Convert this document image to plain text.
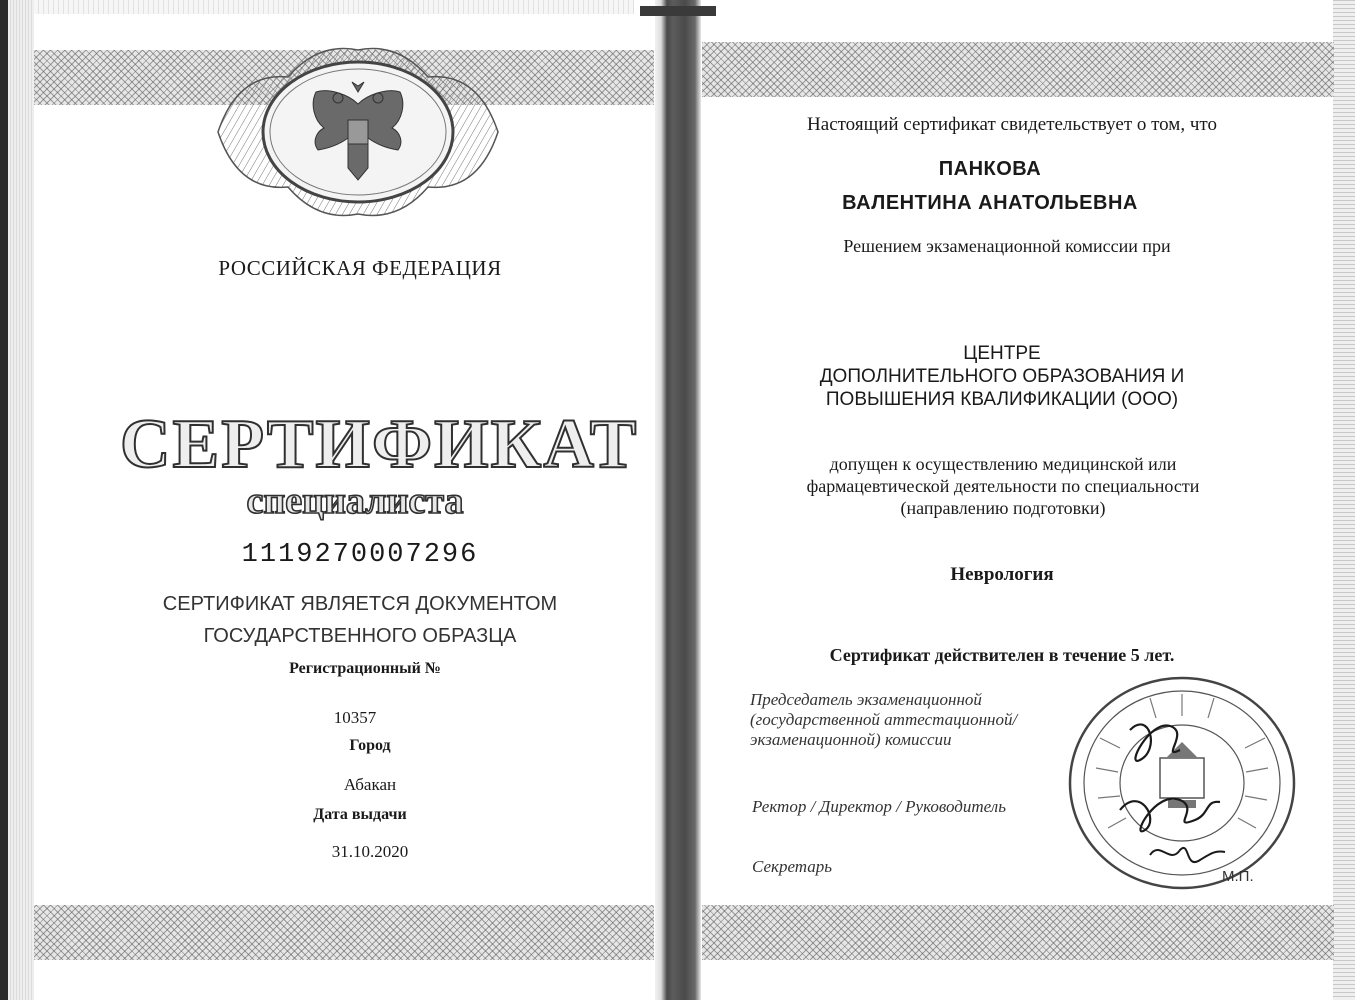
РОССИЙСКАЯ ФЕДЕРАЦИЯ
СЕРТИФИКАТ
специалиста
1119270007296
СЕРТИФИКАТ ЯВЛЯЕТСЯ ДОКУМЕНТОМ
ГОСУДАРСТВЕННОГО ОБРАЗЦА
Регистрационный №
10357
Город
Абакан
Дата выдачи
31.10.2020
Настоящий сертификат свидетельствует о том, что
ПАНКОВА
ВАЛЕНТИНА АНАТОЛЬЕВНА
Решением экзаменационной комиссии при
ЦЕНТРЕ
ДОПОЛНИТЕЛЬНОГО ОБРАЗОВАНИЯ И
ПОВЫШЕНИЯ КВАЛИФИКАЦИИ (ООО)
допущен к осуществлению медицинской или
фармацевтической деятельности по специальности
(направлению подготовки)
Неврология
Сертификат действителен в течение 5 лет.
Председатель экзаменационной
(государственной аттестационной/
экзаменационной) комиссии
Ректор / Директор / Руководитель
Секретарь
М.П.
